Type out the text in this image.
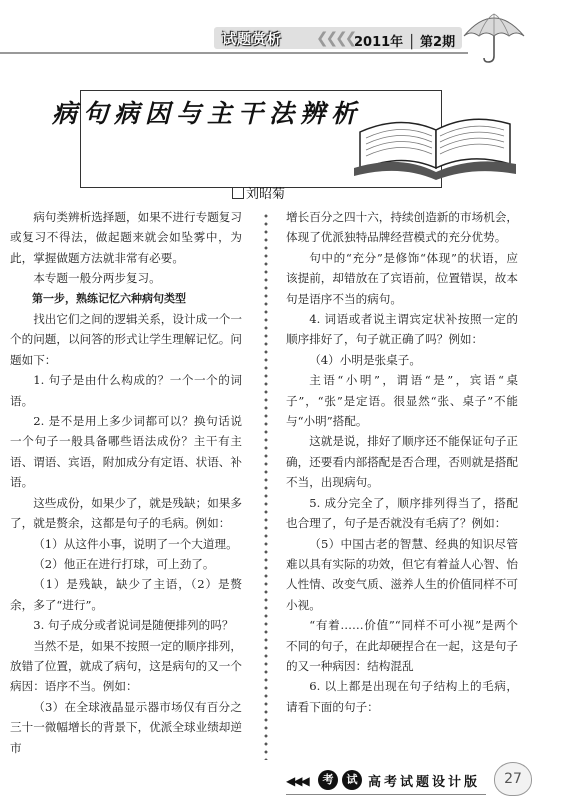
试题赏析 ❮❮❮❮ 2011年 │ 第2期
病句病因与主干法辨析
刘昭菊

病句类辨析选择题，如果不进行专题复习或复习不得法，做起题来就会如坠雾中，为此，掌握做题方法就非常有必要。

本专题一般分两步复习。

第一步，熟练记忆六种病句类型

找出它们之间的逻辑关系，设计成一个一个的问题，以问答的形式让学生理解记忆。问题如下：

1. 句子是由什么构成的？一个一个的词语。

2. 是不是用上多少词都可以？换句话说一个句子一般具备哪些语法成份？主干有主语、谓语、宾语，附加成分有定语、状语、补语。

这些成份，如果少了，就是残缺；如果多了，就是赘余，这都是句子的毛病。例如：

（1）从这件小事，说明了一个大道理。

（2）他正在进行打球，可上劲了。

（1）是残缺，缺少了主语，（2）是赘余，多了“进行”。

3. 句子成分或者说词是随便排列的吗？

当然不是，如果不按照一定的顺序排列，放错了位置，就成了病句，这是病句的又一个病因：语序不当。例如：

（3）在全球液晶显示器市场仅有百分之三十一微幅增长的背景下，优派全球业绩却逆市

增长百分之四十六，持续创造新的市场机会，体现了优派独特品牌经营模式的充分优势。

句中的“充分”是修饰“体现”的状语，应该提前，却错放在了宾语前，位置错误，故本句是语序不当的病句。

4. 词语或者说主谓宾定状补按照一定的顺序排好了，句子就正确了吗？例如：

（4）小明是张桌子。

主语“小明”，谓语“是”，宾语“桌子”，“张”是定语。很显然“张、桌子”不能与“小明”搭配。

这就是说，排好了顺序还不能保证句子正确，还要看内部搭配是否合理，否则就是搭配不当，出现病句。

5. 成分完全了，顺序排列得当了，搭配也合理了，句子是否就没有毛病了？例如：

（5）中国古老的智慧、经典的知识尽管难以具有实际的功效，但它有着益人心智、怡人性情、改变气质、滋养人生的价值同样不可小视。

“有着……价值”“同样不可小视”是两个不同的句子，在此却硬捏合在一起，这是句子的又一种病因：结构混乱

6. 以上都是出现在句子结构上的毛病，请看下面的句子：

◀◀◀	考	试 高考试题设计版	27
